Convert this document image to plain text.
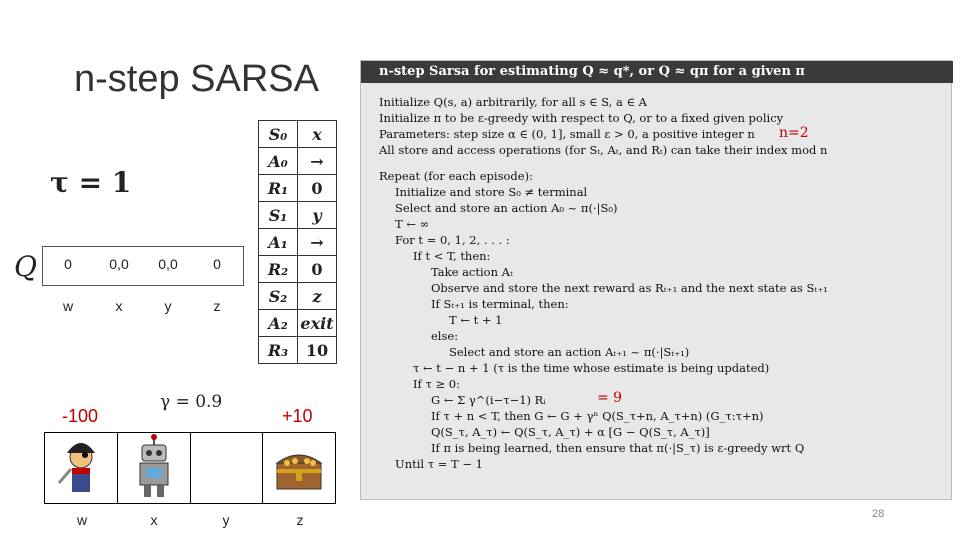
n-step SARSA
τ = 1
Q	0	0,0	0,0	0
w	x	y	z
γ = 0.9
-100	+10
w	x	y	z
S₀	x
A₀	→
R₁	0
S₁	y
A₁	→
R₂	0
S₂	z
A₂	exit
R₃	10
n-step Sarsa for estimating Q ≈ q*, or Q ≈ qπ for a given π
Initialize Q(s, a) arbitrarily, for all s ∈ S, a ∈ A
Initialize π to be ε-greedy with respect to Q, or to a fixed given policy
Parameters: step size α ∈ (0, 1], small ε > 0, a positive integer n n=2
All store and access operations (for Sₜ, Aₜ, and Rₜ) can take their index mod n
Repeat (for each episode):
Initialize and store S₀ ≠ terminal
Select and store an action A₀ ~ π(·|S₀)
T ← ∞
For t = 0, 1, 2, . . . :
If t < T, then:
Take action Aₜ
Observe and store the next reward as Rₜ₊₁ and the next state as Sₜ₊₁
If Sₜ₊₁ is terminal, then:
T ← t + 1
else:
Select and store an action Aₜ₊₁ ~ π(·|Sₜ₊₁)
τ ← t − n + 1 (τ is the time whose estimate is being updated)
If τ ≥ 0:
G ← Σ γ^(i−τ−1) Rᵢ	= 9
If τ + n < T, then G ← G + γⁿ Q(S_τ+n, A_τ+n) (G_τ:τ+n)
Q(S_τ, A_τ) ← Q(S_τ, A_τ) + α [G − Q(S_τ, A_τ)]
If π is being learned, then ensure that π(·|S_τ) is ε-greedy wrt Q
Until τ = T − 1
28
